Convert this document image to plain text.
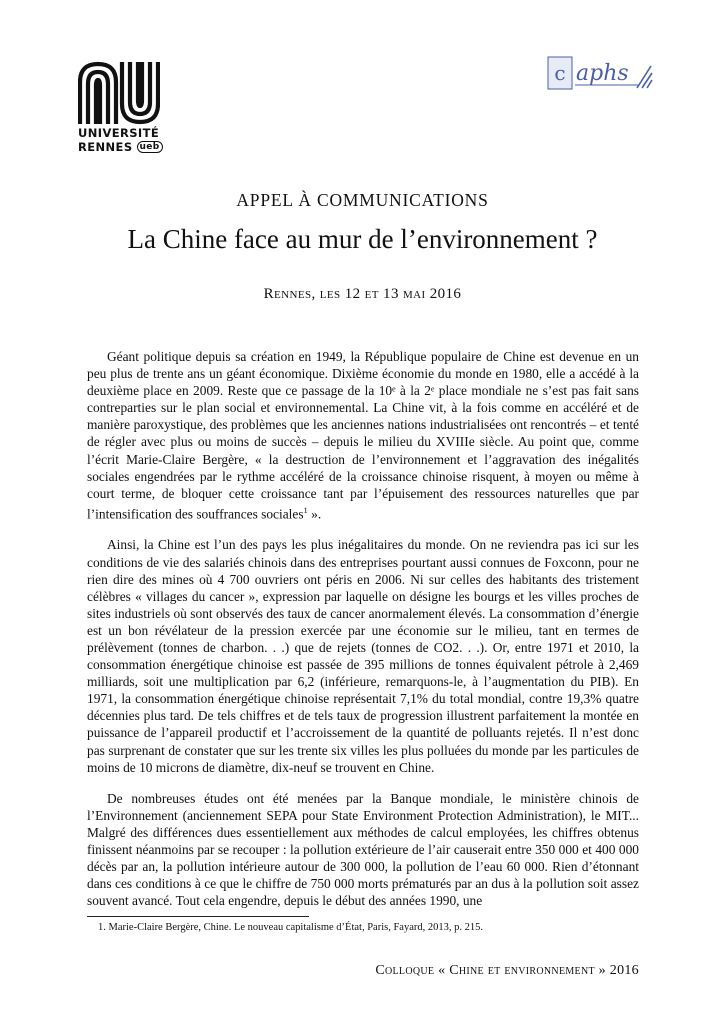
UNIVERSITÉ
RENNES ueb
c aphs
APPEL À COMMUNICATIONS
La Chine face au mur de l’environnement ?
Rennes, les 12 et 13 mai 2016

Géant politique depuis sa création en 1949, la République populaire de Chine est devenue en un peu plus de trente ans un géant économique. Dixième économie du monde en 1980, elle a accédé à la deuxième place en 2009. Reste que ce passage de la 10ᵉ à la 2ᵉ place mondiale ne s’est pas fait sans contreparties sur le plan social et environnemental. La Chine vit, à la fois comme en accéléré et de manière paroxystique, des problèmes que les anciennes nations industrialisées ont rencontrés – et tenté de régler avec plus ou moins de succès – depuis le milieu du XVIIIe siècle. Au point que, comme l’écrit Marie-Claire Bergère, « la destruction de l’environnement et l’aggravation des inégalités sociales engendrées par le rythme accéléré de la croissance chinoise risquent, à moyen ou même à court terme, de bloquer cette croissance tant par l’épuisement des ressources naturelles que par l’intensification des souffrances sociales$^1$ ».

Ainsi, la Chine est l’un des pays les plus inégalitaires du monde. On ne reviendra pas ici sur les conditions de vie des salariés chinois dans des entreprises pourtant aussi connues de Foxconn, pour ne rien dire des mines où 4 700 ouvriers ont péris en 2006. Ni sur celles des habitants des tristement célèbres « villages du cancer », expression par laquelle on désigne les bourgs et les villes proches de sites industriels où sont observés des taux de cancer anormalement élevés. La consommation d’énergie est un bon révélateur de la pression exercée par une économie sur le milieu, tant en termes de prélèvement (tonnes de charbon. . .) que de rejets (tonnes de CO2. . .). Or, entre 1971 et 2010, la consommation énergétique chinoise est passée de 395 millions de tonnes équivalent pétrole à 2,469 milliards, soit une multiplication par 6,2 (inférieure, remarquons-le, à l’augmentation du PIB). En 1971, la consommation énergétique chinoise représentait 7,1% du total mondial, contre 19,3% quatre décennies plus tard. De tels chiffres et de tels taux de progression illustrent parfaitement la montée en puissance de l’appareil productif et l’accroissement de la quantité de polluants rejetés. Il n’est donc pas surprenant de constater que sur les trente six villes les plus polluées du monde par les particules de moins de 10 microns de diamètre, dix-neuf se trouvent en Chine.

De nombreuses études ont été menées par la Banque mondiale, le ministère chinois de l’Environnement (anciennement SEPA pour State Environment Protection Administration), le MIT... Malgré des différences dues essentiellement aux méthodes de calcul employées, les chiffres obtenus finissent néanmoins par se recouper : la pollution extérieure de l’air causerait entre 350 000 et 400 000 décès par an, la pollution intérieure autour de 300 000, la pollution de l’eau 60 000. Rien d’étonnant dans ces conditions à ce que le chiffre de 750 000 morts prématurés par an dus à la pollution soit assez souvent avancé. Tout cela engendre, depuis le début des années 1990, une

1. Marie-Claire Bergère, Chine. Le nouveau capitalisme d’État, Paris, Fayard, 2013, p. 215.
Colloque « Chine et environnement » 2016
